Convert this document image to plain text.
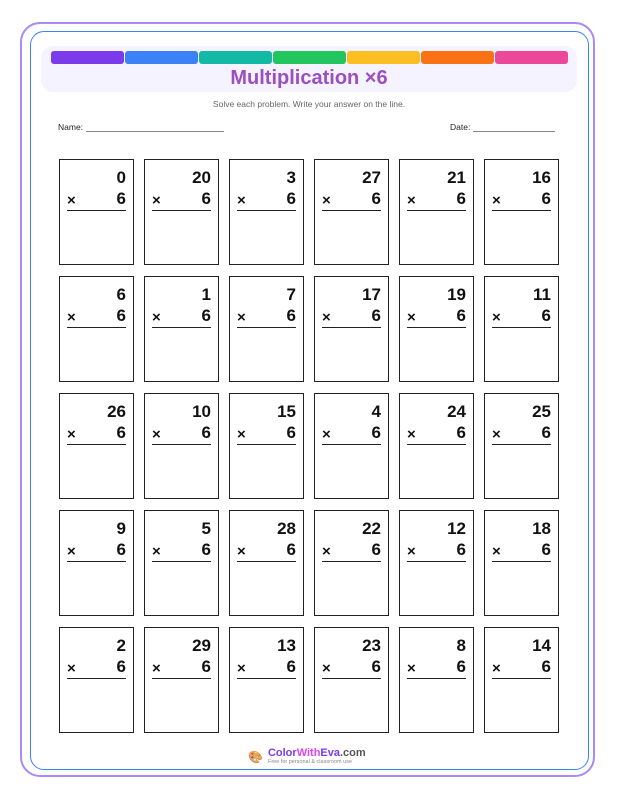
Multiplication ×6
Solve each problem. Write your answer on the line.
Name:	Date:
0
× 6
20
× 6
3
× 6
27
× 6
21
× 6
16
× 6
6
× 6
1
× 6
7
× 6
17
× 6
19
× 6
11
× 6
26
× 6
10
× 6
15
× 6
4
× 6
24
× 6
25
× 6
9
× 6
5
× 6
28
× 6
22
× 6
12
× 6
18
× 6
2
× 6
29
× 6
13
× 6
23
× 6
8
× 6
14
× 6
🎨 ColorWithEva.com
Free for personal & classroom use
